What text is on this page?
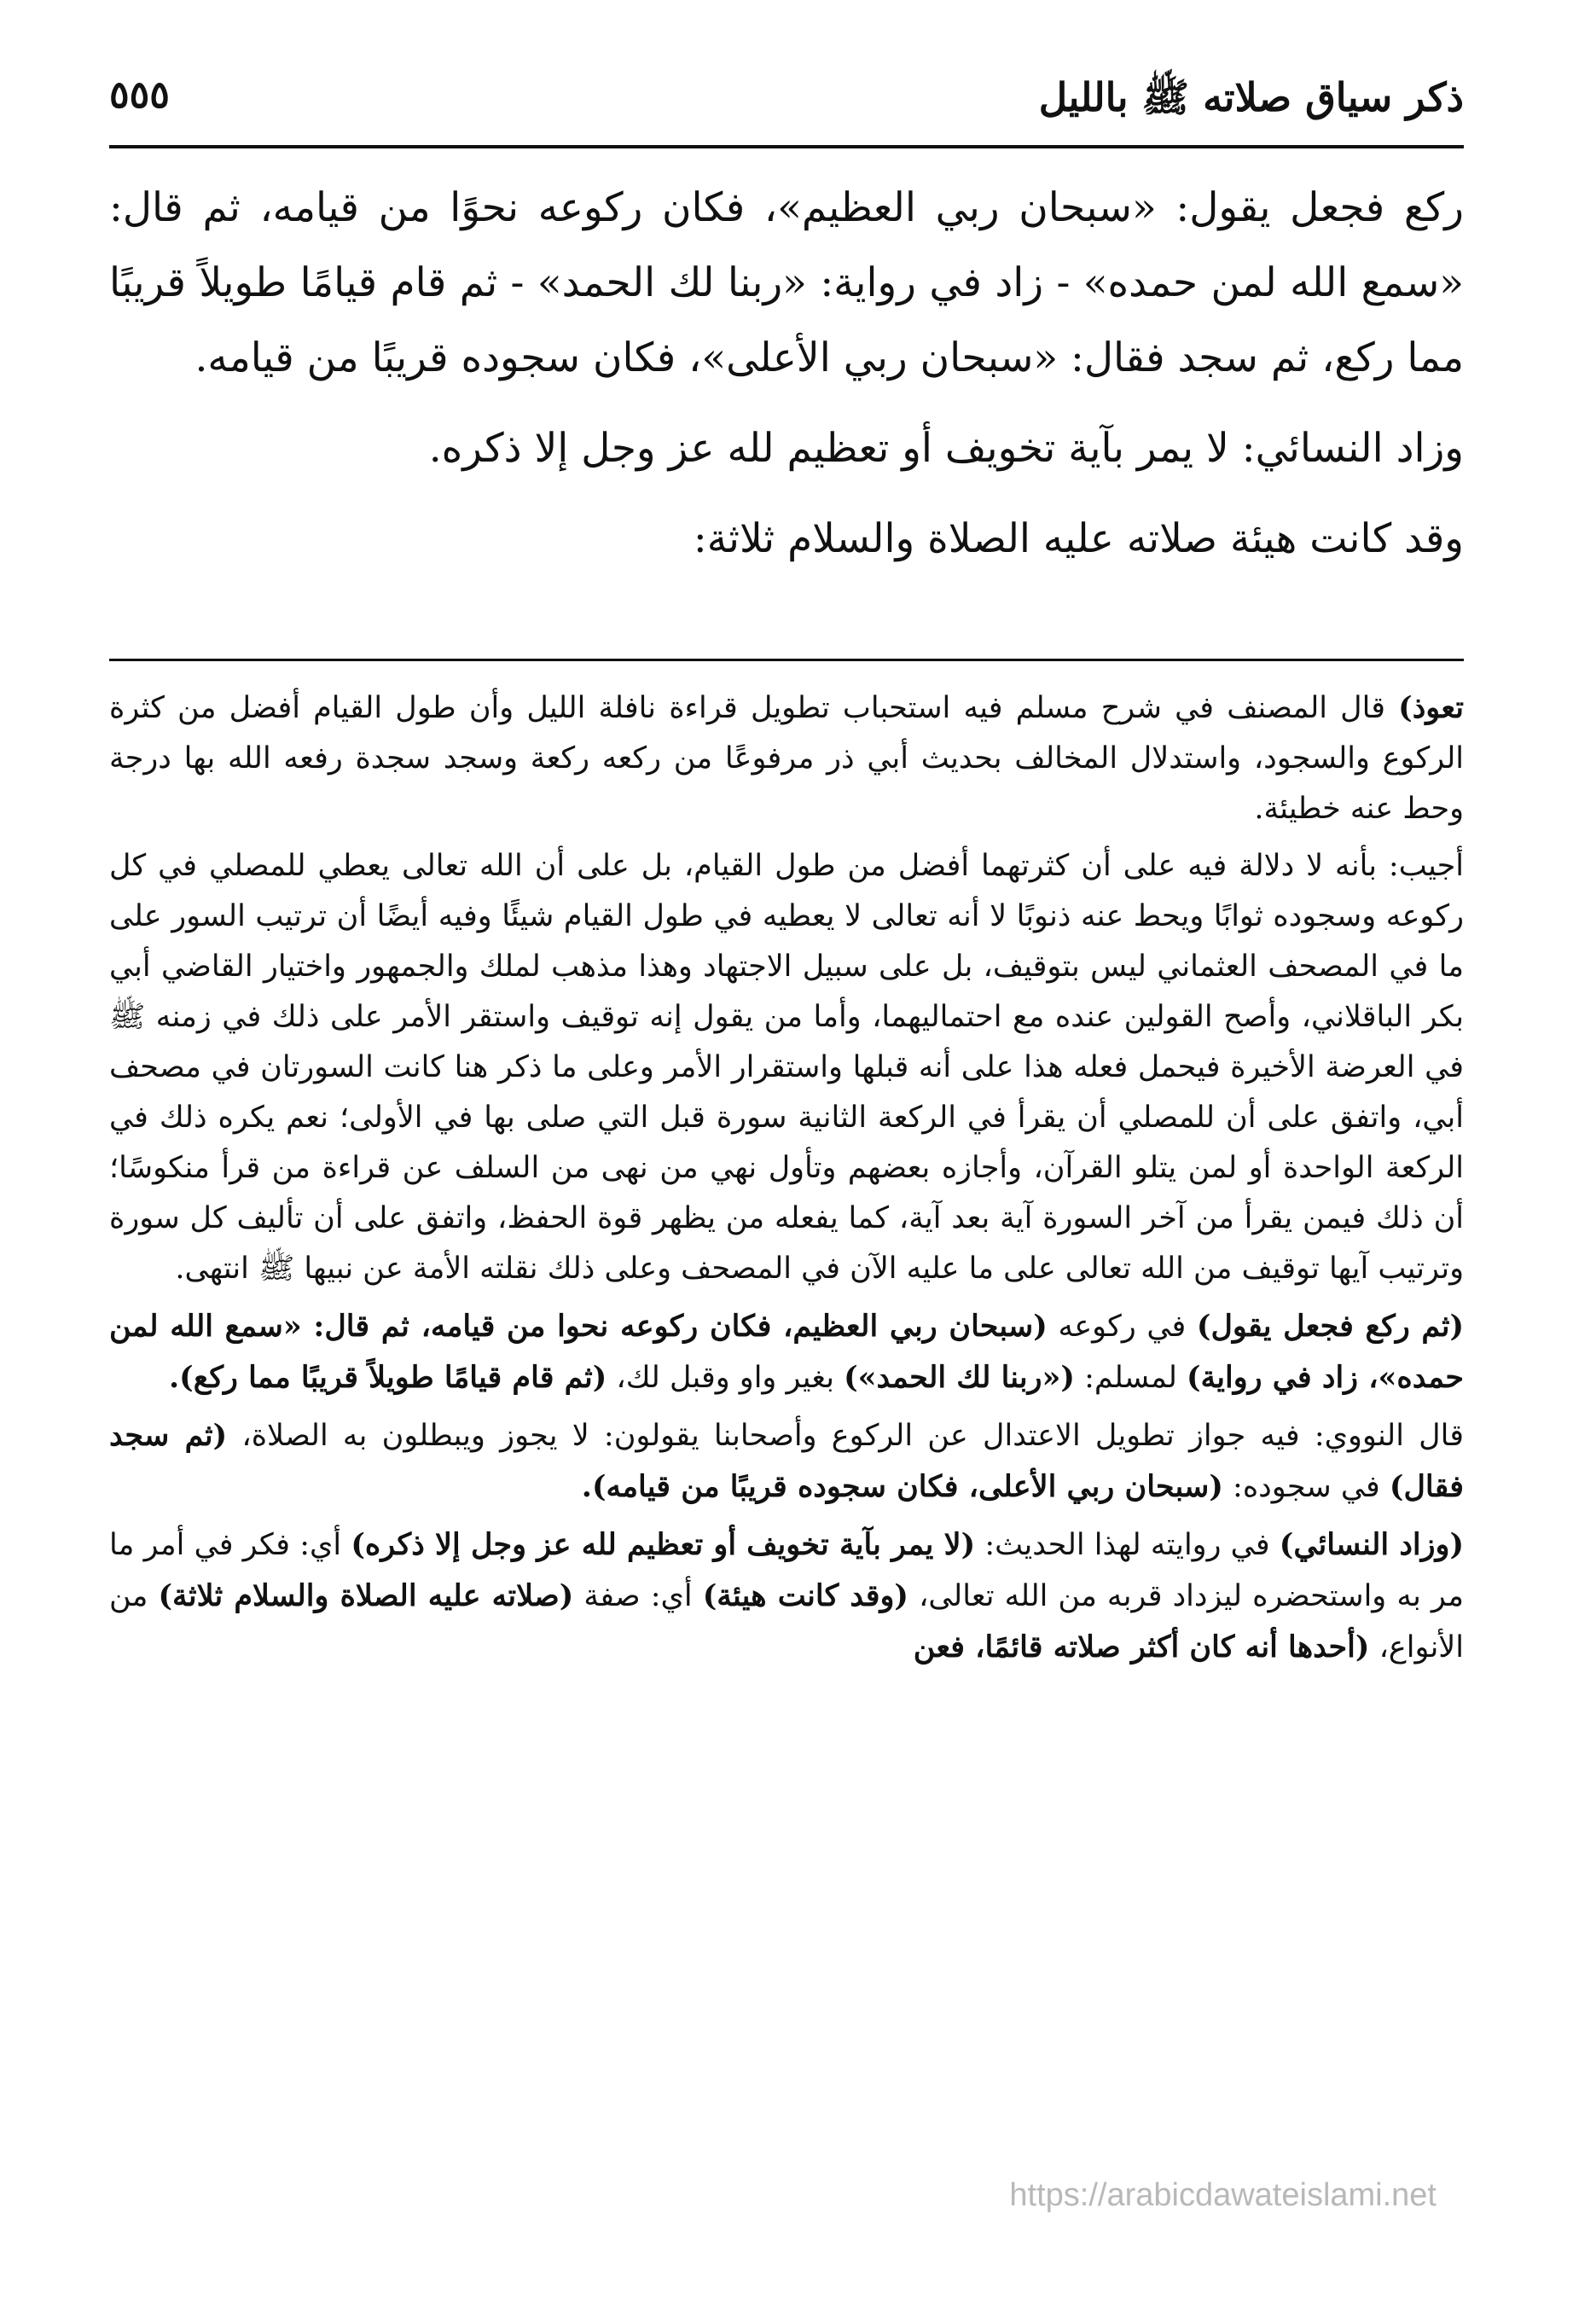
ذكر سياق صلاته ﷺ بالليل
٥٥٥

ركع فجعل يقول: «سبحان ربي العظيم»، فكان ركوعه نحوًا من قيامه، ثم قال: «سمع الله لمن حمده» - زاد في رواية: «ربنا لك الحمد» - ثم قام قيامًا طويلاً قريبًا مما ركع، ثم سجد فقال: «سبحان ربي الأعلى»، فكان سجوده قريبًا من قيامه.

وزاد النسائي: لا يمر بآية تخويف أو تعظيم لله عز وجل إلا ذكره.

وقد كانت هيئة صلاته عليه الصلاة والسلام ثلاثة:

تعوذ) قال المصنف في شرح مسلم فيه استحباب تطويل قراءة نافلة الليل وأن طول القيام أفضل من كثرة الركوع والسجود، واستدلال المخالف بحديث أبي ذر مرفوعًا من ركعه ركعة وسجد سجدة رفعه الله بها درجة وحط عنه خطيئة.

أجيب: بأنه لا دلالة فيه على أن كثرتهما أفضل من طول القيام، بل على أن الله تعالى يعطي للمصلي في كل ركوعه وسجوده ثوابًا ويحط عنه ذنوبًا لا أنه تعالى لا يعطيه في طول القيام شيئًا وفيه أيضًا أن ترتيب السور على ما في المصحف العثماني ليس بتوقيف، بل على سبيل الاجتهاد وهذا مذهب لملك والجمهور واختيار القاضي أبي بكر الباقلاني، وأصح القولين عنده مع احتماليهما، وأما من يقول إنه توقيف واستقر الأمر على ذلك في زمنه ﷺ في العرضة الأخيرة فيحمل فعله هذا على أنه قبلها واستقرار الأمر وعلى ما ذكر هنا كانت السورتان في مصحف أبي، واتفق على أن للمصلي أن يقرأ في الركعة الثانية سورة قبل التي صلى بها في الأولى؛ نعم يكره ذلك في الركعة الواحدة أو لمن يتلو القرآن، وأجازه بعضهم وتأول نهي من نهى من السلف عن قراءة من قرأ منكوسًا؛ أن ذلك فيمن يقرأ من آخر السورة آية بعد آية، كما يفعله من يظهر قوة الحفظ، واتفق على أن تأليف كل سورة وترتيب آيها توقيف من الله تعالى على ما عليه الآن في المصحف وعلى ذلك نقلته الأمة عن نبيها ﷺ انتهى.

(ثم ركع فجعل يقول) في ركوعه (سبحان ربي العظيم، فكان ركوعه نحوا من قيامه، ثم قال: «سمع الله لمن حمده»، زاد في رواية) لمسلم: («ربنا لك الحمد») بغير واو وقبل لك، (ثم قام قيامًا طويلاً قريبًا مما ركع).

قال النووي: فيه جواز تطويل الاعتدال عن الركوع وأصحابنا يقولون: لا يجوز ويبطلون به الصلاة، (ثم سجد فقال) في سجوده: (سبحان ربي الأعلى، فكان سجوده قريبًا من قيامه).

(وزاد النسائي) في روايته لهذا الحديث: (لا يمر بآية تخويف أو تعظيم لله عز وجل إلا ذكره) أي: فكر في أمر ما مر به واستحضره ليزداد قربه من الله تعالى، (وقد كانت هيئة) أي: صفة (صلاته عليه الصلاة والسلام ثلاثة) من الأنواع، (أحدها أنه كان أكثر صلاته قائمًا، فعن

https://arabicdawateislami.net
